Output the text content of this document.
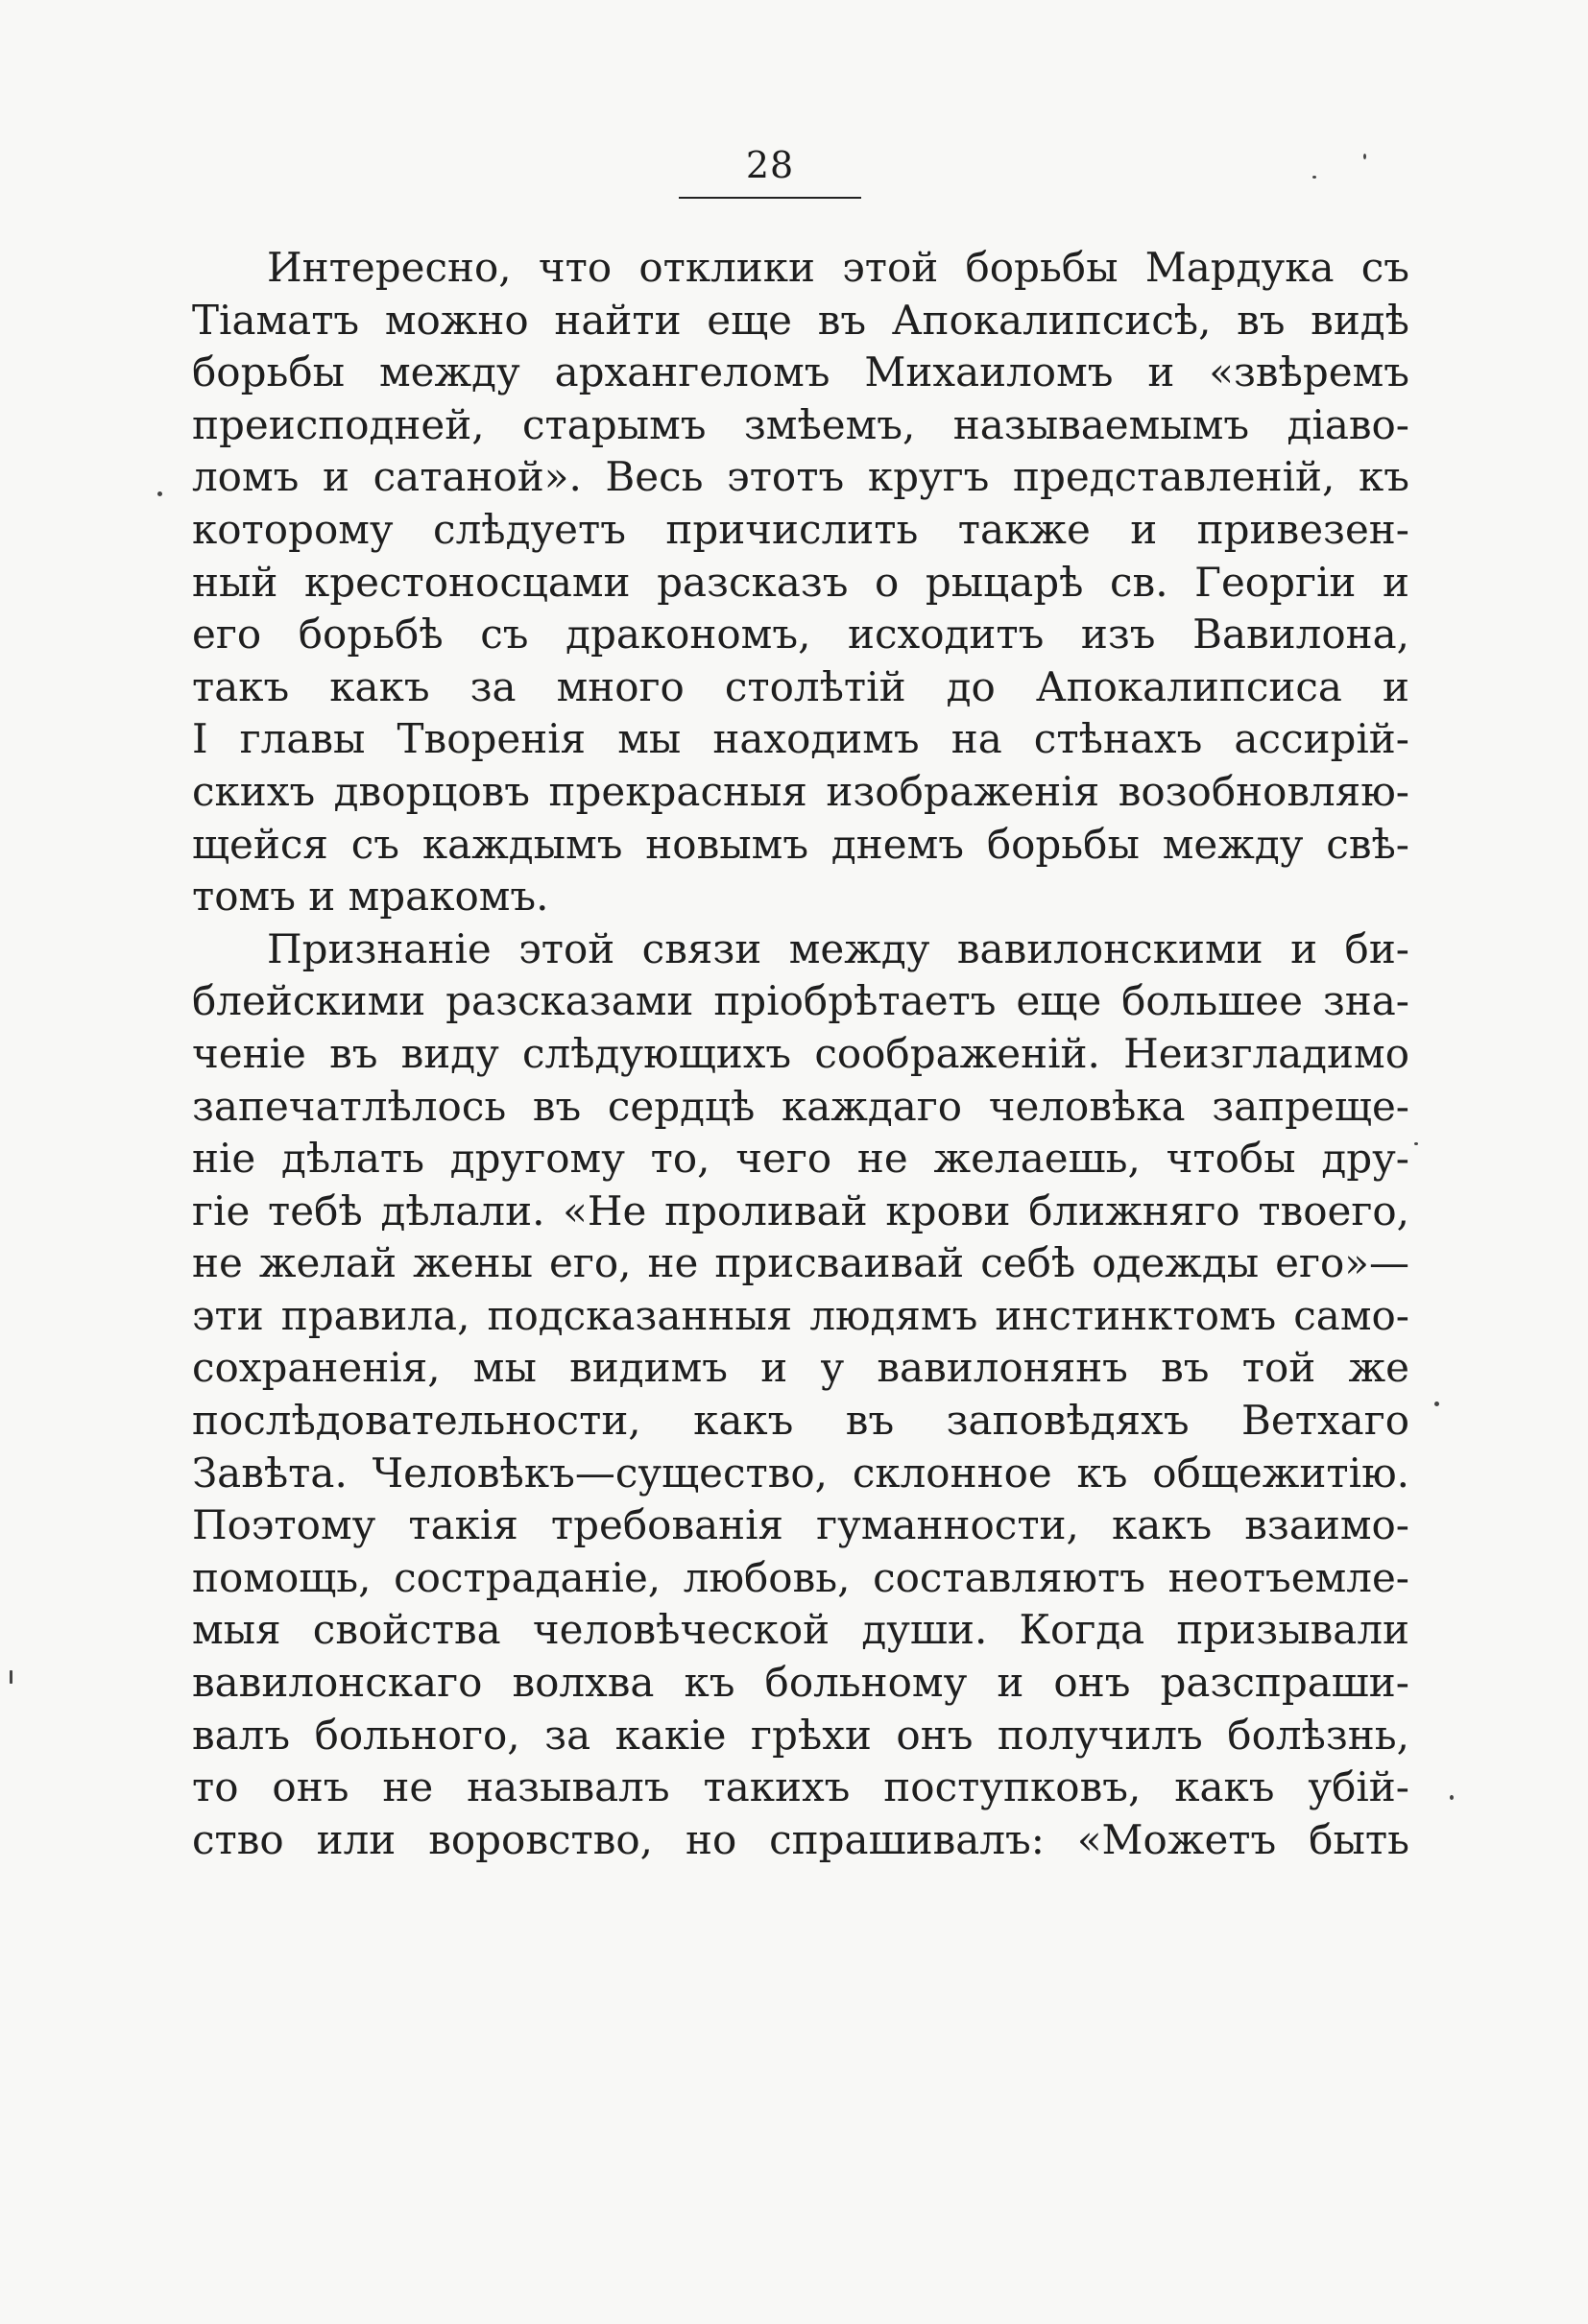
28
Интересно, что отклики этой борьбы Мардука съ
Тіаматъ можно найти еще въ Апокалипсисѣ, въ видѣ
борьбы между архангеломъ Михаиломъ и «звѣремъ
преисподней, старымъ змѣемъ, называемымъ діаво-
ломъ и сатаной». Весь этотъ кругъ представленій, къ
которому слѣдуетъ причислить также и привезен-
ный крестоносцами разсказъ о рыцарѣ св. Георгіи и
его борьбѣ съ дракономъ, исходитъ изъ Вавилона,
такъ какъ за много столѣтій до Апокалипсиса и
I главы Творенія мы находимъ на стѣнахъ ассирій-
скихъ дворцовъ прекрасныя изображенія возобновляю-
щейся съ каждымъ новымъ днемъ борьбы между свѣ-
томъ и мракомъ.
Признаніе этой связи между вавилонскими и би-
блейскими разсказами пріобрѣтаетъ еще большее зна-
ченіе въ виду слѣдующихъ соображеній. Неизгладимо
запечатлѣлось въ сердцѣ каждаго человѣка запреще-
ніе дѣлать другому то, чего не желаешь, чтобы дру-
гіе тебѣ дѣлали. «Не проливай крови ближняго твоего,
не желай жены его, не присваивай себѣ одежды его»—
эти правила, подсказанныя людямъ инстинктомъ само-
сохраненія, мы видимъ и у вавилонянъ въ той же
послѣдовательности, какъ въ заповѣдяхъ Ветхаго
Завѣта. Человѣкъ—существо, склонное къ общежитію.
Поэтому такія требованія гуманности, какъ взаимо-
помощь, состраданіе, любовь, составляютъ неотъемле-
мыя свойства человѣческой души. Когда призывали
вавилонскаго волхва къ больному и онъ разспраши-
валъ больного, за какіе грѣхи онъ получилъ болѣзнь,
то онъ не называлъ такихъ поступковъ, какъ убій-
ство или воровство, но спрашивалъ: «Можетъ быть
